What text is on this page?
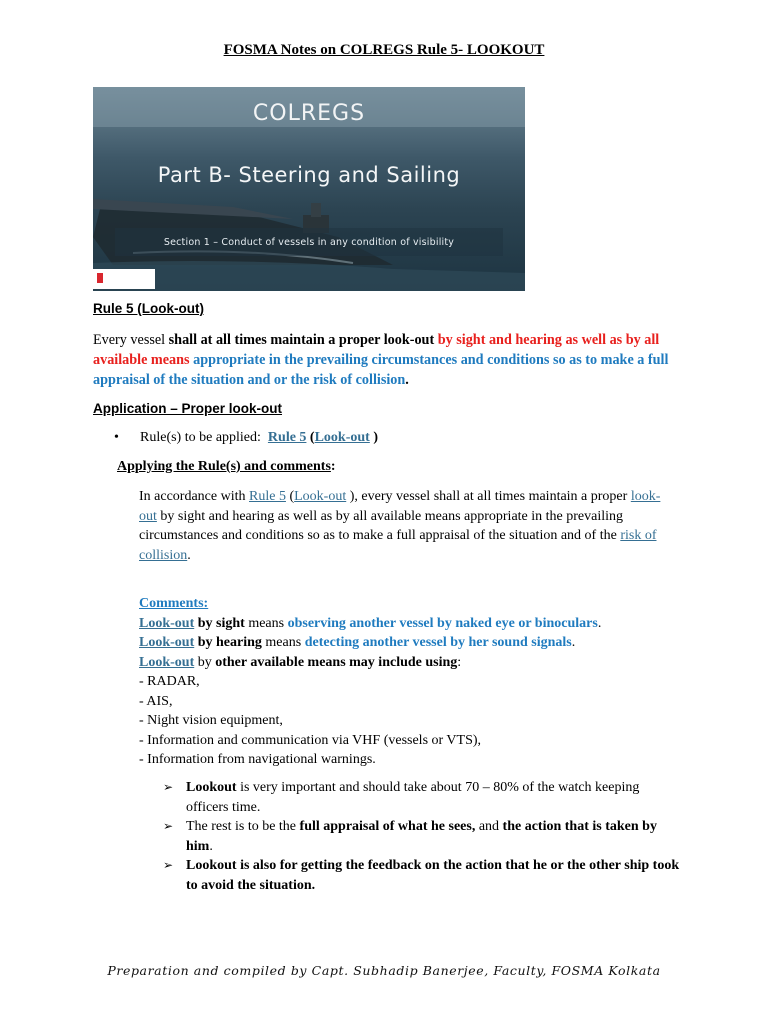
FOSMA Notes on COLREGS Rule 5- LOOKOUT
COLREGS
Part B- Steering and Sailing
Section 1 – Conduct of vessels in any condition of visibility
Rule 5 (Look-out)
Every vessel shall at all times maintain a proper look-out by sight and hearing as well as by all available means appropriate in the prevailing circumstances and conditions so as to make a full appraisal of the situation and or the risk of collision.
Application – Proper look-out
• Rule(s) to be applied: Rule 5 (Look-out )
Applying the Rule(s) and comments:
In accordance with Rule 5 (Look-out ), every vessel shall at all times maintain a proper look-out by sight and hearing as well as by all available means appropriate in the prevailing circumstances and conditions so as to make a full appraisal of the situation and of the risk of collision.
Comments:
Look-out by sight means observing another vessel by naked eye or binoculars.
Look-out by hearing means detecting another vessel by her sound signals.
Look-out by other available means may include using:
- RADAR,
- AIS,
- Night vision equipment,
- Information and communication via VHF (vessels or VTS),
- Information from navigational warnings.
➢ Lookout is very important and should take about 70 – 80% of the watch keeping officers time.
➢ The rest is to be the full appraisal of what he sees, and the action that is taken by him.
➢ Lookout is also for getting the feedback on the action that he or the other ship took to avoid the situation.
Preparation and compiled by Capt. Subhadip Banerjee, Faculty, FOSMA Kolkata
